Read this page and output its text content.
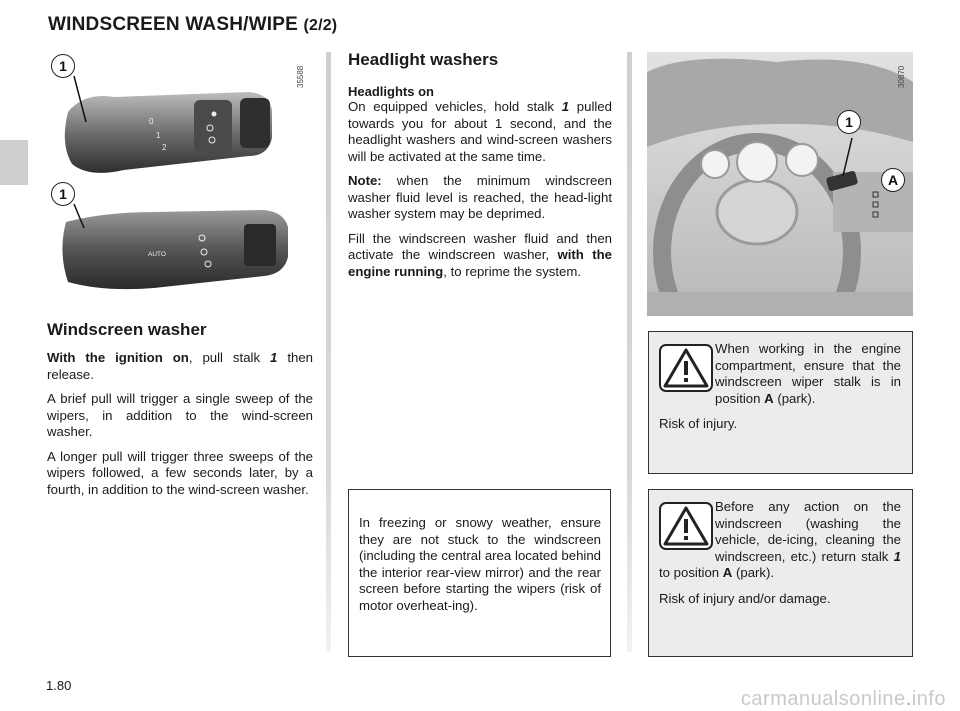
WINDSCREEN WASH/WIPE (2/2)
0
1
2
AUTO
1
1
35588
Windscreen washer

With the ignition on, pull stalk 1 then release.

A brief pull will trigger a single sweep of the wipers, in addition to the wind-screen washer.

A longer pull will trigger three sweeps of the wipers followed, a few seconds later, by a fourth, in addition to the wind-screen washer.

Headlight washers
Headlights on

On equipped vehicles, hold stalk 1 pulled towards you for about 1 second, and the headlight washers and wind-screen washers will be activated at the same time.

Note: when the minimum windscreen washer fluid level is reached, the head-light washer system may be deprimed.

Fill the windscreen washer fluid and then activate the windscreen washer, with the engine running, to reprime the system.

In freezing or snowy weather, ensure they are not stuck to the windscreen (including the central area located behind the interior rear-view mirror) and the rear screen before starting the wipers (risk of motor overheat-ing).
1
A
30870
When working in the engine compartment, ensure that the windscreen wiper stalk is in position A (park).
Risk of injury.
Before any action on the windscreen (washing the vehicle, de-icing, cleaning the windscreen, etc.) return stalk 1 to position A (park).
Risk of injury and/or damage.
1.80
carmanualsonline.info
